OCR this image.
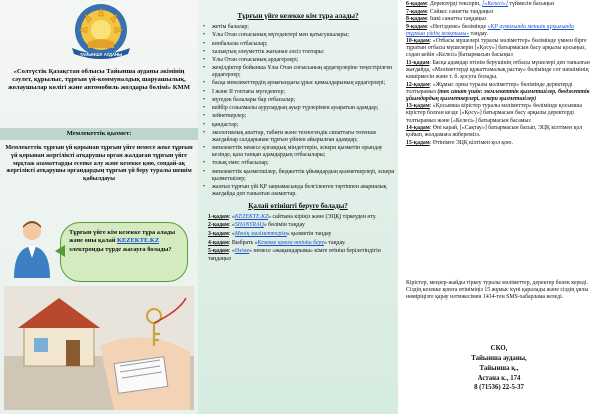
ТАЙЫНША АУДАНЫ
«Солтүстік Қазақстан облысы Тайынша ауданы әкімінің сәулет, құрылыс, тұрғын үй-коммуналдық шаруашылық, жолаушылар көлігі және автомобиль жолдары бөлімі» КММ
Мемлекеттік қызмет:
Мемлекеттік тұрғын үй қорынан тұрғын үйге немесе жеке тұрғын үй қорынан жергілікті атқарушы орган жалдаған тұрғын үйге мұқтаж азаматтарды есепке алу және кезекке қою, сондай-ақ жергілікті атқарушы органдардың тұрғын үй беру туралы шешім қабылдауы
Тұрғын үйге кім кезекке тұра алады және оны қалай KEZEKTE.KZ электронды түрде жасауға болады?
Тұрғын үйге кезекке кім тұра алады?
• жетім балалар;
• Ұлы Отан соғысының мүгедектері мен қатысушылары;
• көпбалалы отбасылар;
• халықтың әлеуметтік жағынан әлсіз топтары:
• Ұлы Отан соғысының ардагерлері;
• жеңілдіктер бойынша Ұлы Отан соғысының ардагерлеріне теңестірілген ардагерлер;
• басқа мемлекеттердің аумағындағы ұрыс қимылдарының ардагерлері;
• I және II топтағы мүгедектер;
• мүгедек балалары бар отбасылар;
• кейбір созылмалы аурулардың ауыр түрлерімен ауыратын адамдар;
• зейнеткерлер;
• қандастар;
• экологиялық апаттар, табиғи және техногендік сипаттағы төтенше жағдайлар салдарынан тұрғын үйінен айырылған адамдар;
• мемлекеттік немесе қоғамдық міндеттерін, әскери қызметін орындау кезінде, қаза тапқан адамдардың отбасылары;
• толық емес отбасылар;
• мемлекеттік қызметшілер, бюджеттік ұйымдардың қызметкерлері, әскери қызметшілер;
• жалғыз тұрғын үйі ҚР заңнамасында белгіленген тәртіппен авариялық жағдайда деп танылған азаматтар.
Қалай өтінішті беруге болады?
1-қадам: «KEZEKTE.KZ» сайтына кіріңіз және (ЭЦҚ) тіркеуден өту.
2-қадам: «SHANYRAQ» бөлімін таңдау
3-қадам: «Менің мәліметтерім» қызметін таңдау
4-қадам: Выбрать «Кезекке қоюға өтініш беру» таңдау.
5-қадам: «Өзіме» немесе «жақындарыма» кімге өтініш берілетіндігін таңдаңыз

6-қадам: Деректерді тексеріп, [«Келесі»] түймесін басыңыз

7-қадам: Сәйкес санатты таңдаңыз

8-қадам: Ішкі санатты таңдаңыз

9-қадам: «Негіздеме» бөлімінде «ҚР аумағында меншік құқығында тұрғын үйдің жоқтығы» таңдау.

10-қадам: «Отбасы мүшелері туралы мәліметтер» бөлімінде үмнен бірге тұратын отбасы мүшелерін [«Қосу»] батырмасын басу арқылы қосыңыз, содан кейін «Келесі»]батырмасын басыңыз

11-қадам: Басқа адамдар өтінім берушінің отбасы мүшелері деп танылған жағдайда, «Мәліметтерді құжаттамалық растау» бөлімінде сот шешімінің көшірмесін және т. б. қосуға болады.

12-қадам: «Жұмыс орны туралы мәліметтер» бөлімінде деректерді толтырамыз (тек санат үшін: мемлекеттік қызметшілер, бюджеттік ұйымдардың қызметкерлері, әскери қызметшілер)

13-қадам: «Қосымша кірістер туралы мәліметтер» бөлімінде қосымша кірістер болған кезде [«Қосу»] батырмасын басу арқылы деректерді толтырамыз және [«Келесі»] батырмасын басамыз

14-қадам: Өні карай, [«Сақтау»] батырмасын басып, ЭЦҚ кілтімен қол қойып, жолдамаға жіберемізз.

15-қадам: Өтінімге ЭЦҚ кілтімен қол қою.

Кірістер, меңзер-жайды тіркеу туралы мәліметтер, деректер бөлек кереді. Сіздің кезекке қоюға өтініміңіз 15 жұмыс күні қаралады және сіздің ұялы нөміріңізге қарау нәтижесімен 1414-тен SMS-хабарлама келеді.
СКО,
Тайынша ауданы,
Тайынша қ.,
Астана к., 174
8 (71536) 22-5-37
